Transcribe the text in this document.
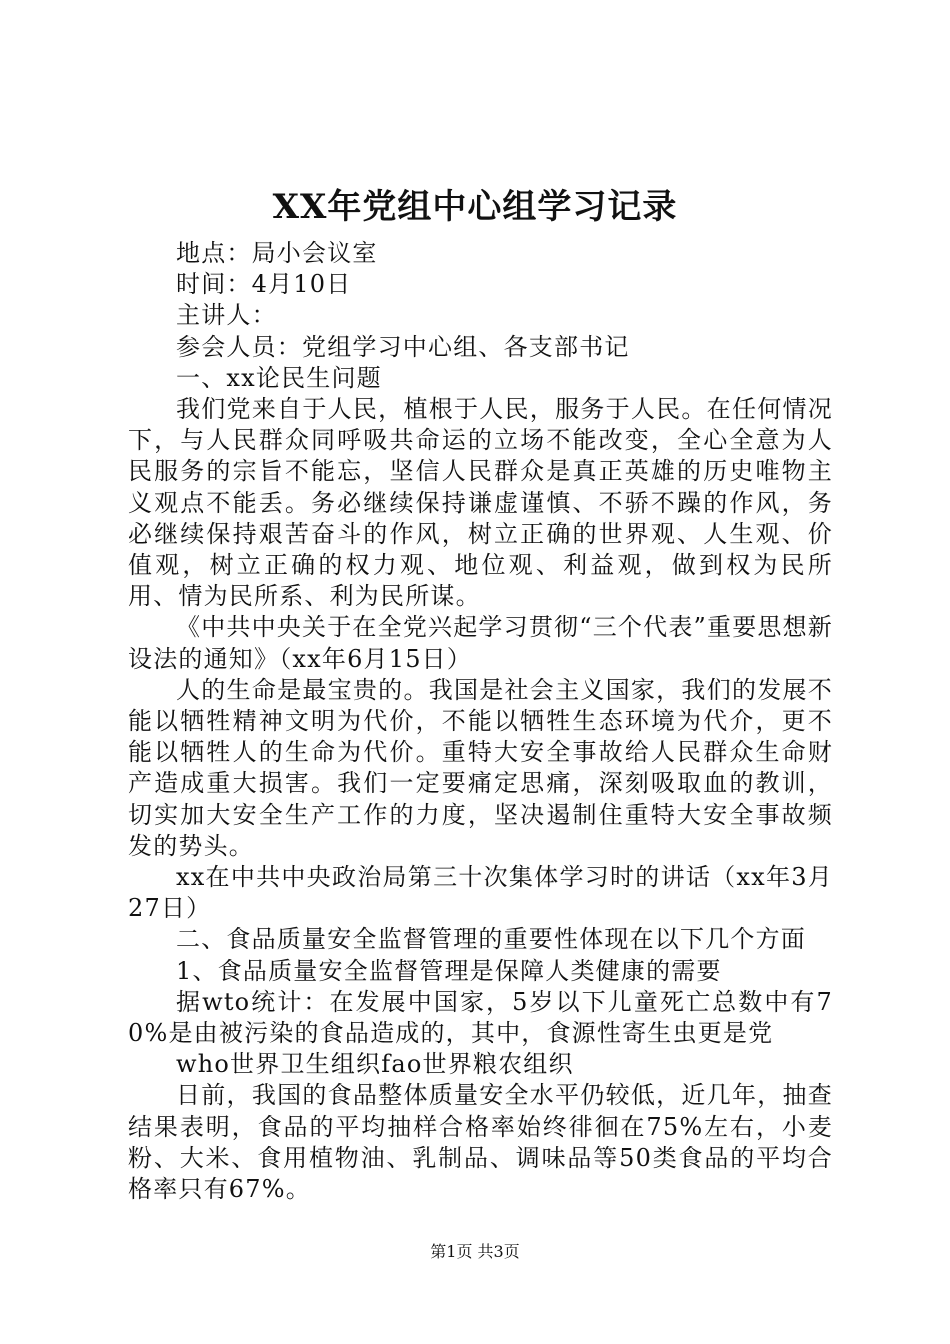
XX年党组中心组学习记录

地点：局小会议室

时间：4月10日

主讲人：

参会人员：党组学习中心组、各支部书记

一、xx论民生问题

我们党来自于人民，植根于人民，服务于人民。在任何情况下，与人民群众同呼吸共命运的立场不能改变，全心全意为人民服务的宗旨不能忘，坚信人民群众是真正英雄的历史唯物主义观点不能丢。务必继续保持谦虚谨慎、不骄不躁的作风，务必继续保持艰苦奋斗的作风，树立正确的世界观、人生观、价值观，树立正确的权力观、地位观、利益观，做到权为民所用、情为民所系、利为民所谋。

《中共中央关于在全党兴起学习贯彻“三个代表”重要思想新设法的通知》（xx年6月15日）

人的生命是最宝贵的。我国是社会主义国家，我们的发展不能以牺牲精神文明为代价，不能以牺牲生态环境为代介，更不能以牺牲人的生命为代价。重特大安全事故给人民群众生命财产造成重大损害。我们一定要痛定思痛，深刻吸取血的教训，切实加大安全生产工作的力度，坚决遏制住重特大安全事故频发的势头。

xx在中共中央政治局第三十次集体学习时的讲话（xx年3月27日）

二、食品质量安全监督管理的重要性体现在以下几个方面

1、食品质量安全监督管理是保障人类健康的需要

据wto统计：在发展中国家，5岁以下儿童死亡总数中有70%是由被污染的食品造成的，其中，食源性寄生虫更是党

who世界卫生组织fao世界粮农组织

日前，我国的食品整体质量安全水平仍较低，近几年，抽查结果表明，食品的平均抽样合格率始终徘徊在75%左右，小麦粉、大米、食用植物油、乳制品、调味品等50类食品的平均合格率只有67%。

第1页 共3页
